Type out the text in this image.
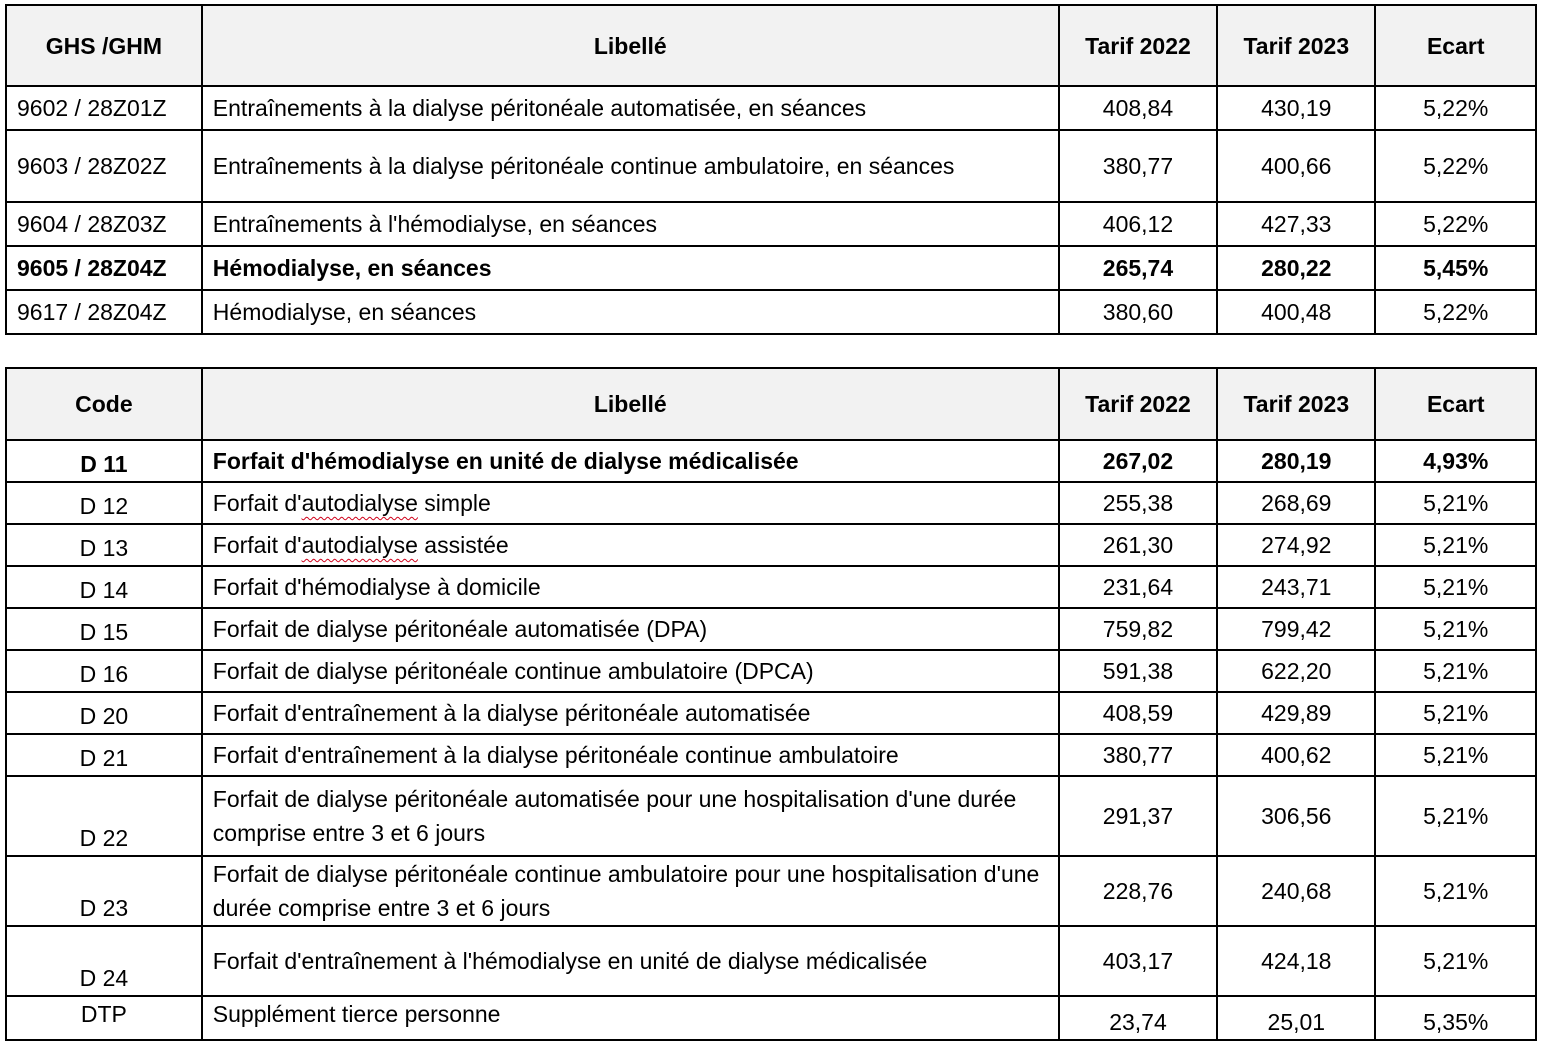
GHS /GHM	Libellé	Tarif 2022	Tarif 2023	Ecart
9602 / 28Z01Z	Entraînements à la dialyse péritonéale automatisée, en séances	408,84	430,19	5,22%
9603 / 28Z02Z	Entraînements à la dialyse péritonéale continue ambulatoire, en séances	380,77	400,66	5,22%
9604 / 28Z03Z	Entraînements à l'hémodialyse, en séances	406,12	427,33	5,22%
9605 / 28Z04Z	Hémodialyse, en séances	265,74	280,22	5,45%
9617 / 28Z04Z	Hémodialyse, en séances	380,60	400,48	5,22%
Code	Libellé	Tarif 2022	Tarif 2023	Ecart
D 11	Forfait d'hémodialyse en unité de dialyse médicalisée	267,02	280,19	4,93%
D 12	Forfait d'autodialyse simple	255,38	268,69	5,21%
D 13	Forfait d'autodialyse assistée	261,30	274,92	5,21%
D 14	Forfait d'hémodialyse à domicile	231,64	243,71	5,21%
D 15	Forfait de dialyse péritonéale automatisée (DPA)	759,82	799,42	5,21%
D 16	Forfait de dialyse péritonéale continue ambulatoire (DPCA)	591,38	622,20	5,21%
D 20	Forfait d'entraînement à la dialyse péritonéale automatisée	408,59	429,89	5,21%
D 21	Forfait d'entraînement à la dialyse péritonéale continue ambulatoire	380,77	400,62	5,21%
D 22	Forfait de dialyse péritonéale automatisée pour une hospitalisation d'une durée comprise entre 3 et 6 jours	291,37	306,56	5,21%
D 23	Forfait de dialyse péritonéale continue ambulatoire pour une hospitalisation d'une durée comprise entre 3 et 6 jours	228,76	240,68	5,21%
D 24	Forfait d'entraînement à l'hémodialyse en unité de dialyse médicalisée	403,17	424,18	5,21%
DTP	Supplément tierce personne	23,74	25,01	5,35%
